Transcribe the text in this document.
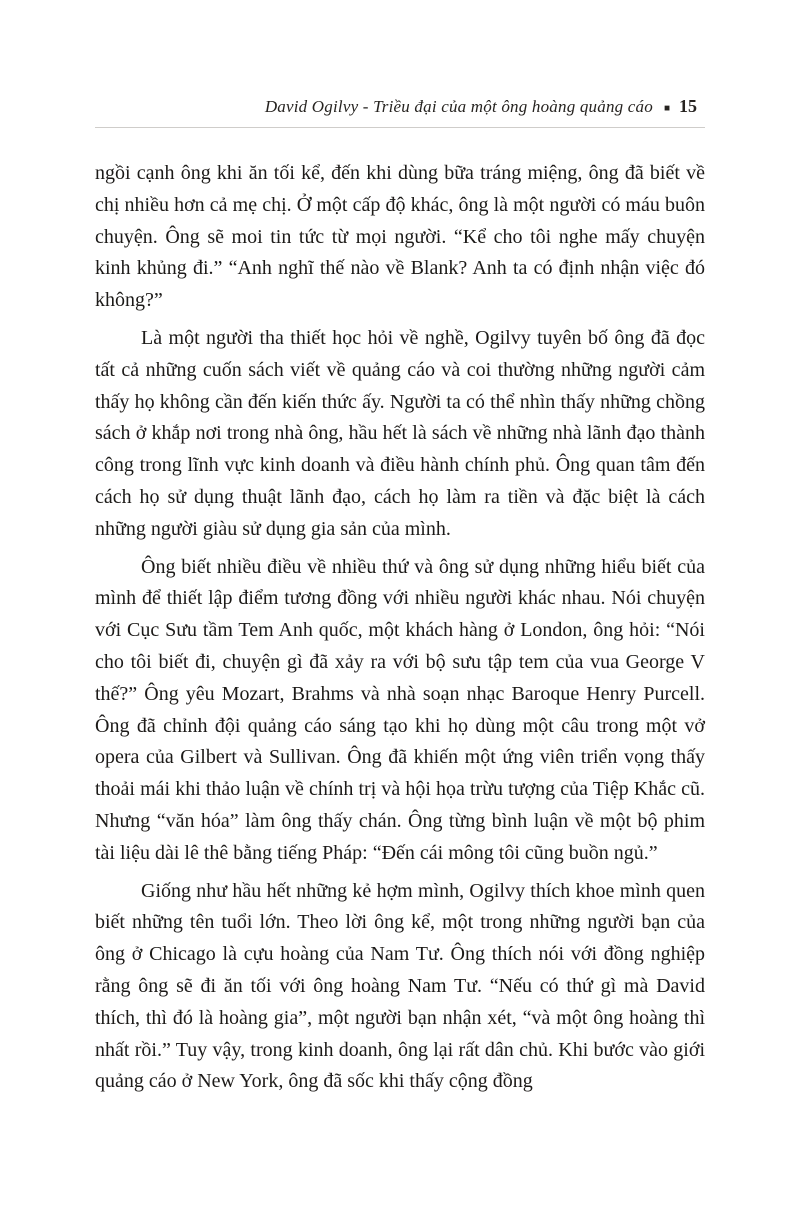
David Ogilvy - Triều đại của một ông hoàng quảng cáo ■ 15

ngồi cạnh ông khi ăn tối kể, đến khi dùng bữa tráng miệng, ông đã biết về chị nhiều hơn cả mẹ chị. Ở một cấp độ khác, ông là một người có máu buôn chuyện. Ông sẽ moi tin tức từ mọi người. “Kể cho tôi nghe mấy chuyện kinh khủng đi.” “Anh nghĩ thế nào về Blank? Anh ta có định nhận việc đó không?”

Là một người tha thiết học hỏi về nghề, Ogilvy tuyên bố ông đã đọc tất cả những cuốn sách viết về quảng cáo và coi thường những người cảm thấy họ không cần đến kiến thức ấy. Người ta có thể nhìn thấy những chồng sách ở khắp nơi trong nhà ông, hầu hết là sách về những nhà lãnh đạo thành công trong lĩnh vực kinh doanh và điều hành chính phủ. Ông quan tâm đến cách họ sử dụng thuật lãnh đạo, cách họ làm ra tiền và đặc biệt là cách những người giàu sử dụng gia sản của mình.

Ông biết nhiều điều về nhiều thứ và ông sử dụng những hiểu biết của mình để thiết lập điểm tương đồng với nhiều người khác nhau. Nói chuyện với Cục Sưu tầm Tem Anh quốc, một khách hàng ở London, ông hỏi: “Nói cho tôi biết đi, chuyện gì đã xảy ra với bộ sưu tập tem của vua George V thế?” Ông yêu Mozart, Brahms và nhà soạn nhạc Baroque Henry Purcell. Ông đã chỉnh đội quảng cáo sáng tạo khi họ dùng một câu trong một vở opera của Gilbert và Sullivan. Ông đã khiến một ứng viên triển vọng thấy thoải mái khi thảo luận về chính trị và hội họa trừu tượng của Tiệp Khắc cũ. Nhưng “văn hóa” làm ông thấy chán. Ông từng bình luận về một bộ phim tài liệu dài lê thê bằng tiếng Pháp: “Đến cái mông tôi cũng buồn ngủ.”

Giống như hầu hết những kẻ hợm mình, Ogilvy thích khoe mình quen biết những tên tuổi lớn. Theo lời ông kể, một trong những người bạn của ông ở Chicago là cựu hoàng của Nam Tư. Ông thích nói với đồng nghiệp rằng ông sẽ đi ăn tối với ông hoàng Nam Tư. “Nếu có thứ gì mà David thích, thì đó là hoàng gia”, một người bạn nhận xét, “và một ông hoàng thì nhất rồi.” Tuy vậy, trong kinh doanh, ông lại rất dân chủ. Khi bước vào giới quảng cáo ở New York, ông đã sốc khi thấy cộng đồng
